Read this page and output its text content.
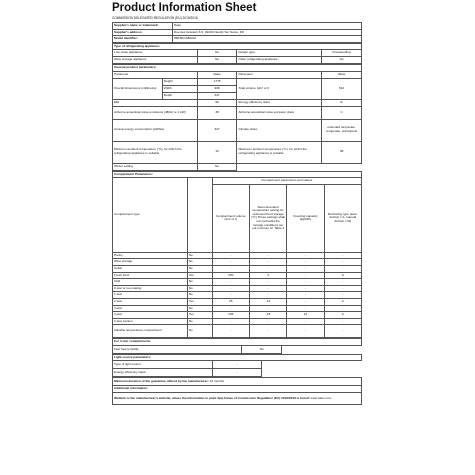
Product Information Sheet
COMMISSION DELEGATED REGULATION (EU) 2019/2016
Supplier's name or trademark:	Haier
Supplier's address:	Rue des Graviers 3-5, 92200 Neuilly Sur Seine, FR
Model identifier:	HB18FGSBAAA
Type of refrigerating appliance:			
Low-noise appliance:	No	Design type:	Freestanding
Wine storage appliance:	No	Other refrigerating appliance:	No
General product parameters:				
Parameter		Value	Parameter	Value
Overall dimensions (millimetre)	Height	1775	Total volume (dm³ or l)	521
	Width	908		
	Depth	647		
EEI		99	Energy efficiency class	E
Airborne acoustical noise emissions (dB(A) re 1 pW)		38	Airborne acoustical noise emission class	C
Annual energy consumption (kWh/a)		327	Climate class:	extended temperate, temperate, subtropical
Minimum ambient temperature (°C), for which the refrigerating appliance is suitable		10	Maximum ambient temperature (°C), for which the refrigerating appliance is suitable	38
Winter setting		No		
Compartment Parameters:					
Compartment type		Compartment parameters and values			
		Compartment volume (dm³ or l)	Recommended temperature setting for optimised food storage (°C) These settings shall not contradict the storage conditions set out in Annex IV, Table 3	Freezing capacity (kg/24h)	Defrosting type (auto-defrost = A, manual defrost = M)
Pantry	No	-	-	-	-
Wine storage	No	-	-	-	-
Cellar	No	-	-	-	-
Fresh food	Yes	330	4	-	A
Chill	No	-	-	-	-
0-star or ice-making	No	-	-	-	-
1-star	No	-	-	-	-
2-star	Yes	25	-12	-	A
3-star	No	-	-	-	-
4-star	Yes	166	-18	14	A
2-star section	No	-	-	-	-
Variable temperature compartment	No	-	-	-	-
For 4-star compartments
Fast freeze facility	No	
Light source parameters:		
Type of light source:	-	
Energy efficiency class:	-	
Minimum duration of the guarantee offered by the manufacturer: 24 months
Additional information:
Weblink to the manufacturer's website, where the information in point 4(a) Annex of Commission Regulation (EU) 2019/2019 is found: www.haier.com
